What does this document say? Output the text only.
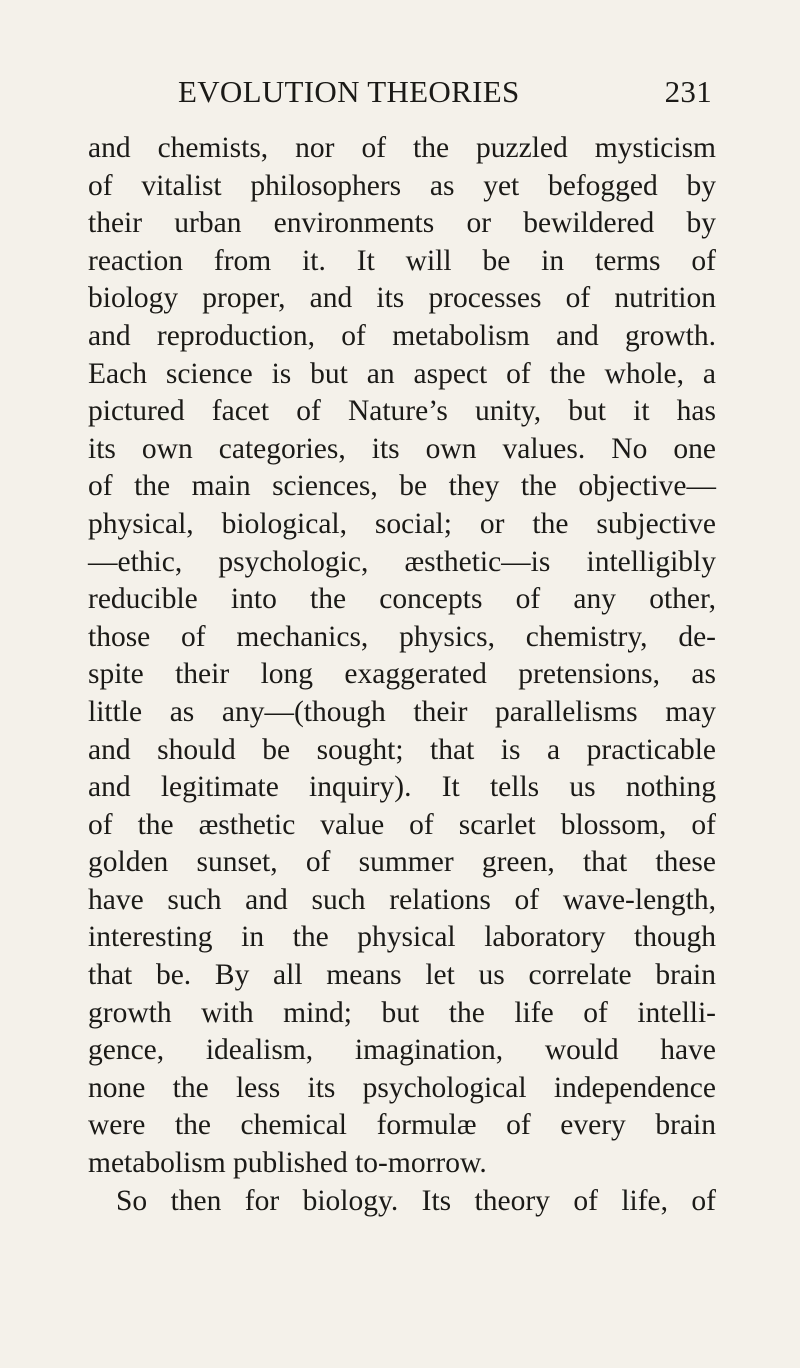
EVOLUTION THEORIES	231
and chemists, nor of the puzzled mysticism
of vitalist philosophers as yet befogged by
their urban environments or bewildered by
reaction from it. It will be in terms of
biology proper, and its processes of nutrition
and reproduction, of metabolism and growth.
Each science is but an aspect of the whole, a
pictured facet of Nature’s unity, but it has
its own categories, its own values. No one
of the main sciences, be they the objective—
physical, biological, social; or the subjective
—ethic, psychologic, æsthetic—is intelligibly
reducible into the concepts of any other,
those of mechanics, physics, chemistry, de-
spite their long exaggerated pretensions, as
little as any—(though their parallelisms may
and should be sought; that is a practicable
and legitimate inquiry). It tells us nothing
of the æsthetic value of scarlet blossom, of
golden sunset, of summer green, that these
have such and such relations of wave-length,
interesting in the physical laboratory though
that be. By all means let us correlate brain
growth with mind; but the life of intelli-
gence, idealism, imagination, would have
none the less its psychological independence
were the chemical formulæ of every brain
metabolism published to-morrow.
So then for biology. Its theory of life, of
